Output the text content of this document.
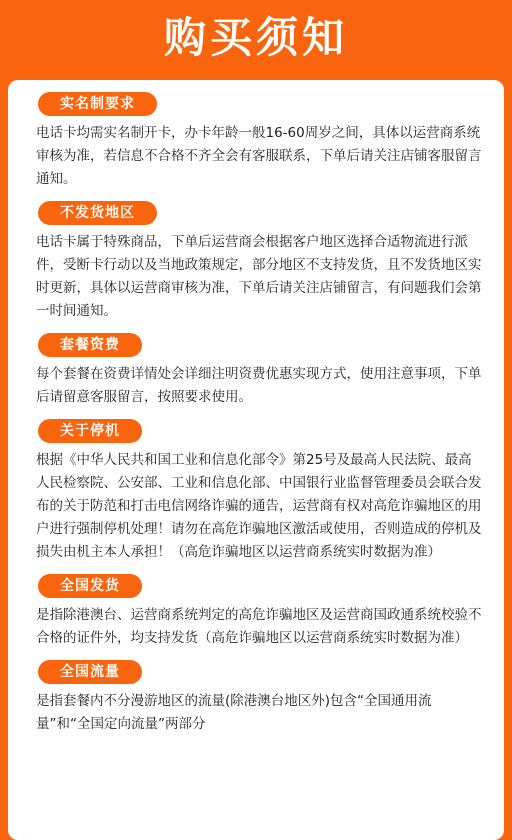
购买须知
实名制要求

电话卡均需实名制开卡，办卡年龄一般16-60周岁之间，具体以运营商系统审核为准，若信息不合格不齐全会有客服联系，下单后请关注店铺客服留言通知。

不发货地区

电话卡属于特殊商品，下单后运营商会根据客户地区选择合适物流进行派件，受断卡行动以及当地政策规定，部分地区不支持发货，且不发货地区实时更新，具体以运营商审核为准，下单后请关注店铺留言，有问题我们会第一时间通知。

套餐资费

每个套餐在资费详情处会详细注明资费优惠实现方式，使用注意事项，下单后请留意客服留言，按照要求使用。

关于停机

根据《中华人民共和国工业和信息化部令》第25号及最高人民法院、最高人民检察院、公安部、工业和信息化部、中国银行业监督管理委员会联合发布的关于防范和打击电信网络诈骗的通告，运营商有权对高危诈骗地区的用户进行强制停机处理！请勿在高危诈骗地区激活或使用，否则造成的停机及损失由机主本人承担！（高危诈骗地区以运营商系统实时数据为准）

全国发货

是指除港澳台、运营商系统判定的高危诈骗地区及运营商国政通系统校验不合格的证件外，均支持发货（高危诈骗地区以运营商系统实时数据为准）

全国流量

是指套餐内不分漫游地区的流量(除港澳台地区外)包含“全国通用流量”和“全国定向流量”两部分
